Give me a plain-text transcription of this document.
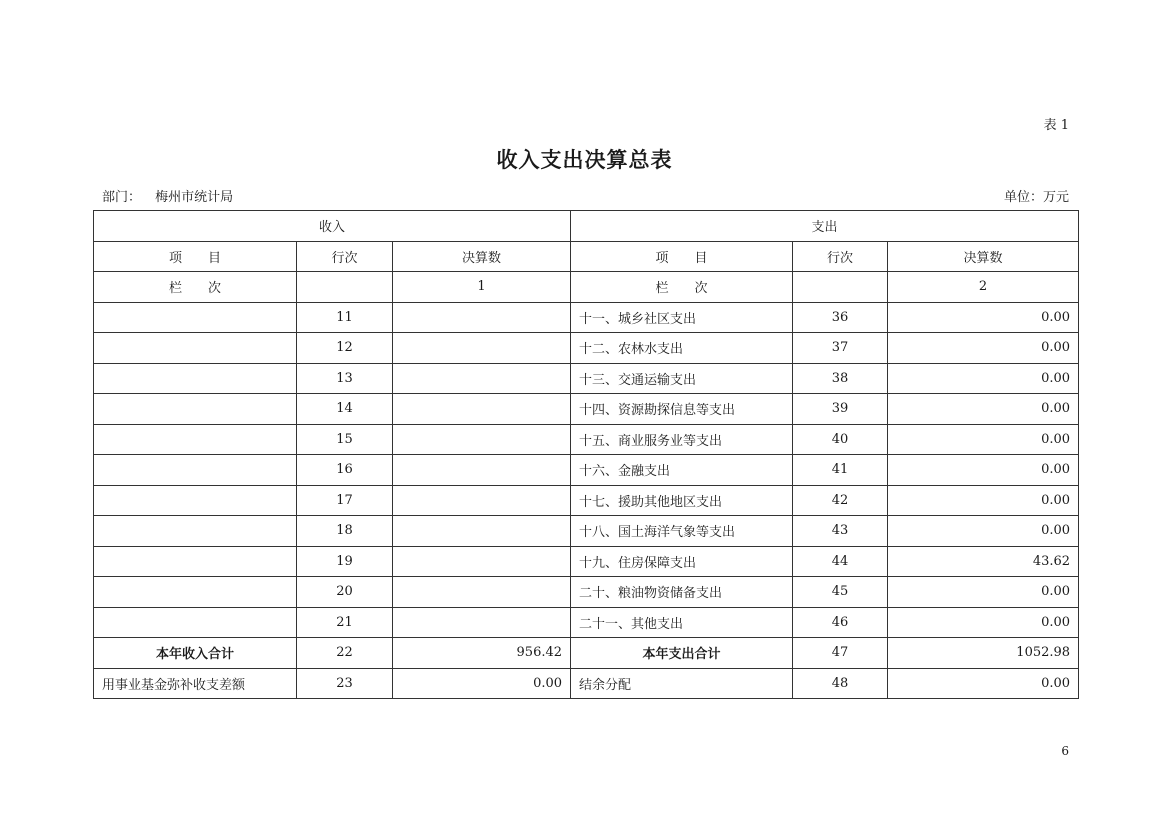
表 1
收入支出决算总表
部门： 梅州市统计局	单位：万元
收入			支出		
项　　目	行次	决算数	项　　目	行次	决算数
栏　　次		1	栏　　次		2
	11		十一、城乡社区支出	36	0.00
	12		十二、农林水支出	37	0.00
	13		十三、交通运输支出	38	0.00
	14		十四、资源勘探信息等支出	39	0.00
	15		十五、商业服务业等支出	40	0.00
	16		十六、金融支出	41	0.00
	17		十七、援助其他地区支出	42	0.00
	18		十八、国土海洋气象等支出	43	0.00
	19		十九、住房保障支出	44	43.62
	20		二十、粮油物资储备支出	45	0.00
	21		二十一、其他支出	46	0.00
本年收入合计	22	956.42	本年支出合计	47	1052.98
用事业基金弥补收支差额	23	0.00	结余分配	48	0.00
6
